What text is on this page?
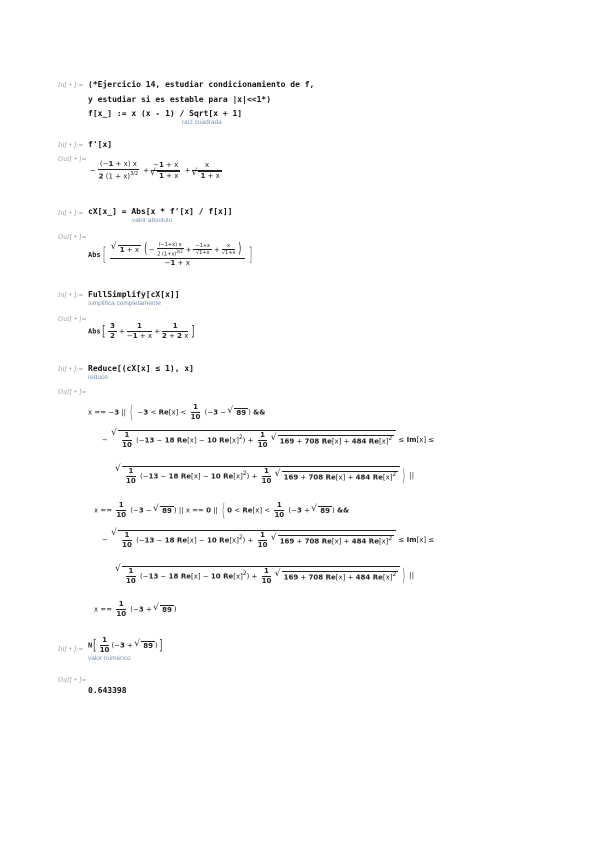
In[ • ]:= (*Ejercicio 14, estudiar condicionamiento de f,
y estudiar si es estable para |x|<<1*)
f[x_] := x (x - 1) / Sqrt[x + 1]
raíz cuadrada
In[ • ]:= f'[x]
Out[ • ]=
− $\frac{(-1 + x) x}{2 (1 + x)^{3/2}} + -1 + x$
√ 1 + x + x
√ 1 + x
In[ • ]:= cX[x_] = Abs[x * f'[x] / f[x]]
valor absoluto
Out[ • ]=
Abs[ √ $\frac{1 + x (- \frac{(-1+x) x}{2 (1+x)^{3/2}} + \frac{-1+x}{√1+x} + \frac{x}{√1+x} )}{-1 + x}$ ]
In[ • ]:= FullSimplify[cX[x]]
simplifica completamente
Out[ • ]=
$Abs[ \frac{3}{2} + \frac{1}{-1 + x} + \frac{1}{2 + 2 x}$ ]
In[ • ]:= Reduce[(cX[x] ≤ 1), x]
reduce
Out[ • ]=
x == −3 || ( $-3 < Re[x] < \frac{1}{10} (-3$ − √ 89 ) &&
− √ $\frac{1}{10} (-13 - 18$ Re[x] − 10 $Re[x]^2) + \frac{1}{10}$ √ 169 + 708 Re[x] + 484 $Re[x]^2 \le Im[x]$ ≤
√ $\frac{1}{10} (-13 - 18$ Re[x] − 10 $Re[x]^2) + \frac{1}{10}$ √ 169 + 708 Re[x] + 484 $Re[x]^2$ ) ||
$x == \frac{1}{10} (-3$ − √ 89 ) || x == 0 || ( $0 < Re[x] < \frac{1}{10} (-3$ + √ 89 ) &&
− √ $\frac{1}{10} (-13 - 18$ Re[x] − 10 $Re[x]^2) + \frac{1}{10}$ √ 169 + 708 Re[x] + 484 $Re[x]^2 \le Im[x]$ ≤
√ $\frac{1}{10} (-13 - 18$ Re[x] − 10 $Re[x]^2) + \frac{1}{10}$ √ 169 + 708 Re[x] + 484 $Re[x]^2$ ) ||
$x == \frac{1}{10} (-3$ + √ 89 )
In[ • ]:= $N[ \frac{1}{10} (-3$ + √ 89 )]
valor numérico
Out[ • ]=
0.643398
